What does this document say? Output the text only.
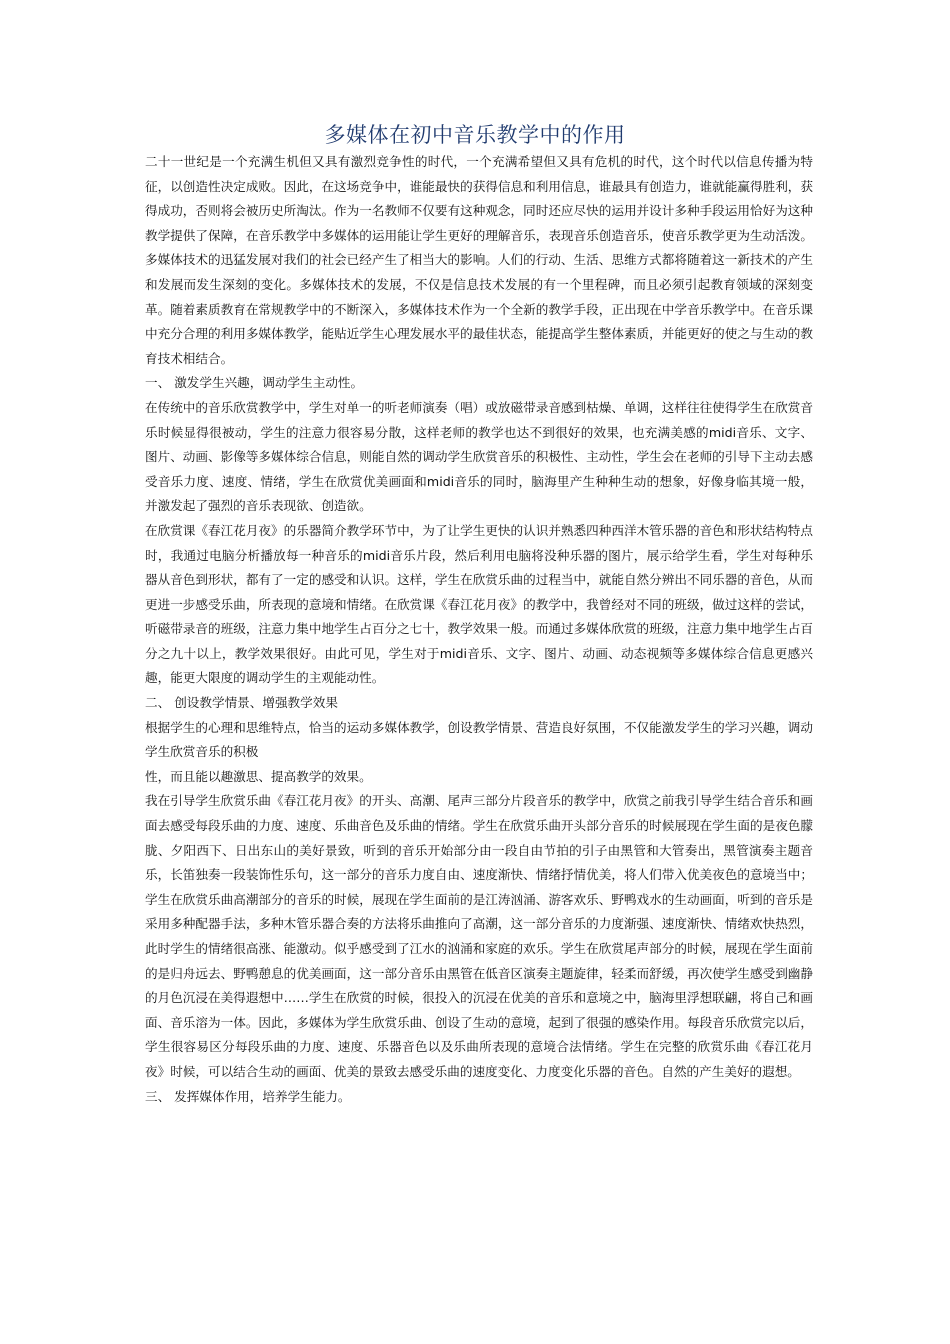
多媒体在初中音乐教学中的作用

二十一世纪是一个充满生机但又具有激烈竞争性的时代，一个充满希望但又具有危机的时代，这个时代以信息传播为特征，以创造性决定成败。因此，在这场竞争中，谁能最快的获得信息和利用信息，谁最具有创造力，谁就能赢得胜利，获得成功，否则将会被历史所淘汰。作为一名教师不仅要有这种观念，同时还应尽快的运用并设计多种手段运用恰好为这种教学提供了保障，在音乐教学中多媒体的运用能让学生更好的理解音乐，表现音乐创造音乐，使音乐教学更为生动活泼。多媒体技术的迅猛发展对我们的社会已经产生了相当大的影响。人们的行动、生活、思维方式都将随着这一新技术的产生和发展而发生深刻的变化。多媒体技术的发展，不仅是信息技术发展的有一个里程碑，而且必须引起教育领域的深刻变革。随着素质教育在常规教学中的不断深入，多媒体技术作为一个全新的教学手段，正出现在中学音乐教学中。在音乐课中充分合理的利用多媒体教学，能贴近学生心理发展水平的最佳状态，能提高学生整体素质，并能更好的使之与生动的教育技术相结合。

一、 激发学生兴趣，调动学生主动性。

在传统中的音乐欣赏教学中，学生对单一的听老师演奏（唱）或放磁带录音感到枯燥、单调，这样往往使得学生在欣赏音乐时候显得很被动，学生的注意力很容易分散，这样老师的教学也达不到很好的效果，也充满美感的midi音乐、文字、图片、动画、影像等多媒体综合信息，则能自然的调动学生欣赏音乐的积极性、主动性，学生会在老师的引导下主动去感受音乐力度、速度、情绪，学生在欣赏优美画面和midi音乐的同时，脑海里产生种种生动的想象，好像身临其境一般，并激发起了强烈的音乐表现欲、创造欲。

在欣赏课《春江花月夜》的乐器简介教学环节中，为了让学生更快的认识并熟悉四种西洋木管乐器的音色和形状结构特点时，我通过电脑分析播放每一种音乐的midi音乐片段，然后利用电脑将没种乐器的图片，展示给学生看，学生对每种乐器从音色到形状，都有了一定的感受和认识。这样，学生在欣赏乐曲的过程当中，就能自然分辨出不同乐器的音色，从而更进一步感受乐曲，所表现的意境和情绪。在欣赏课《春江花月夜》的教学中，我曾经对不同的班级，做过这样的尝试，听磁带录音的班级，注意力集中地学生占百分之七十，教学效果一般。而通过多媒体欣赏的班级，注意力集中地学生占百分之九十以上，教学效果很好。由此可见，学生对于midi音乐、文字、图片、动画、动态视频等多媒体综合信息更感兴趣，能更大限度的调动学生的主观能动性。

二、 创设教学情景、增强教学效果

根据学生的心理和思维特点，恰当的运动多媒体教学，创设教学情景、营造良好氛围，不仅能激发学生的学习兴趣，调动学生欣赏音乐的积极

性，而且能以趣激思、提高教学的效果。

我在引导学生欣赏乐曲《春江花月夜》的开头、高潮、尾声三部分片段音乐的教学中，欣赏之前我引导学生结合音乐和画面去感受每段乐曲的力度、速度、乐曲音色及乐曲的情绪。学生在欣赏乐曲开头部分音乐的时候展现在学生面的是夜色朦胧、夕阳西下、日出东山的美好景致，听到的音乐开始部分由一段自由节拍的引子由黑管和大管奏出，黑管演奏主题音乐，长笛独奏一段装饰性乐句，这一部分的音乐力度自由、速度渐快、情绪抒情优美，将人们带入优美夜色的意境当中；学生在欣赏乐曲高潮部分的音乐的时候，展现在学生面前的是江涛汹涌、游客欢乐、野鸭戏水的生动画面，听到的音乐是采用多种配器手法，多种木管乐器合奏的方法将乐曲推向了高潮，这一部分音乐的力度渐强、速度渐快、情绪欢快热烈，此时学生的情绪很高涨、能激动。似乎感受到了江水的汹涌和家庭的欢乐。学生在欣赏尾声部分的时候，展现在学生面前的是归舟远去、野鸭憩息的优美画面，这一部分音乐由黑管在低音区演奏主题旋律，轻柔而舒缓，再次使学生感受到幽静的月色沉浸在美得遐想中……学生在欣赏的时候，很投入的沉浸在优美的音乐和意境之中，脑海里浮想联翩，将自己和画面、音乐溶为一体。因此，多媒体为学生欣赏乐曲、创设了生动的意境，起到了很强的感染作用。每段音乐欣赏完以后，学生很容易区分每段乐曲的力度、速度、乐器音色以及乐曲所表现的意境合法情绪。学生在完整的欣赏乐曲《春江花月夜》时候，可以结合生动的画面、优美的景致去感受乐曲的速度变化、力度变化乐器的音色。自然的产生美好的遐想。

三、 发挥媒体作用，培养学生能力。
